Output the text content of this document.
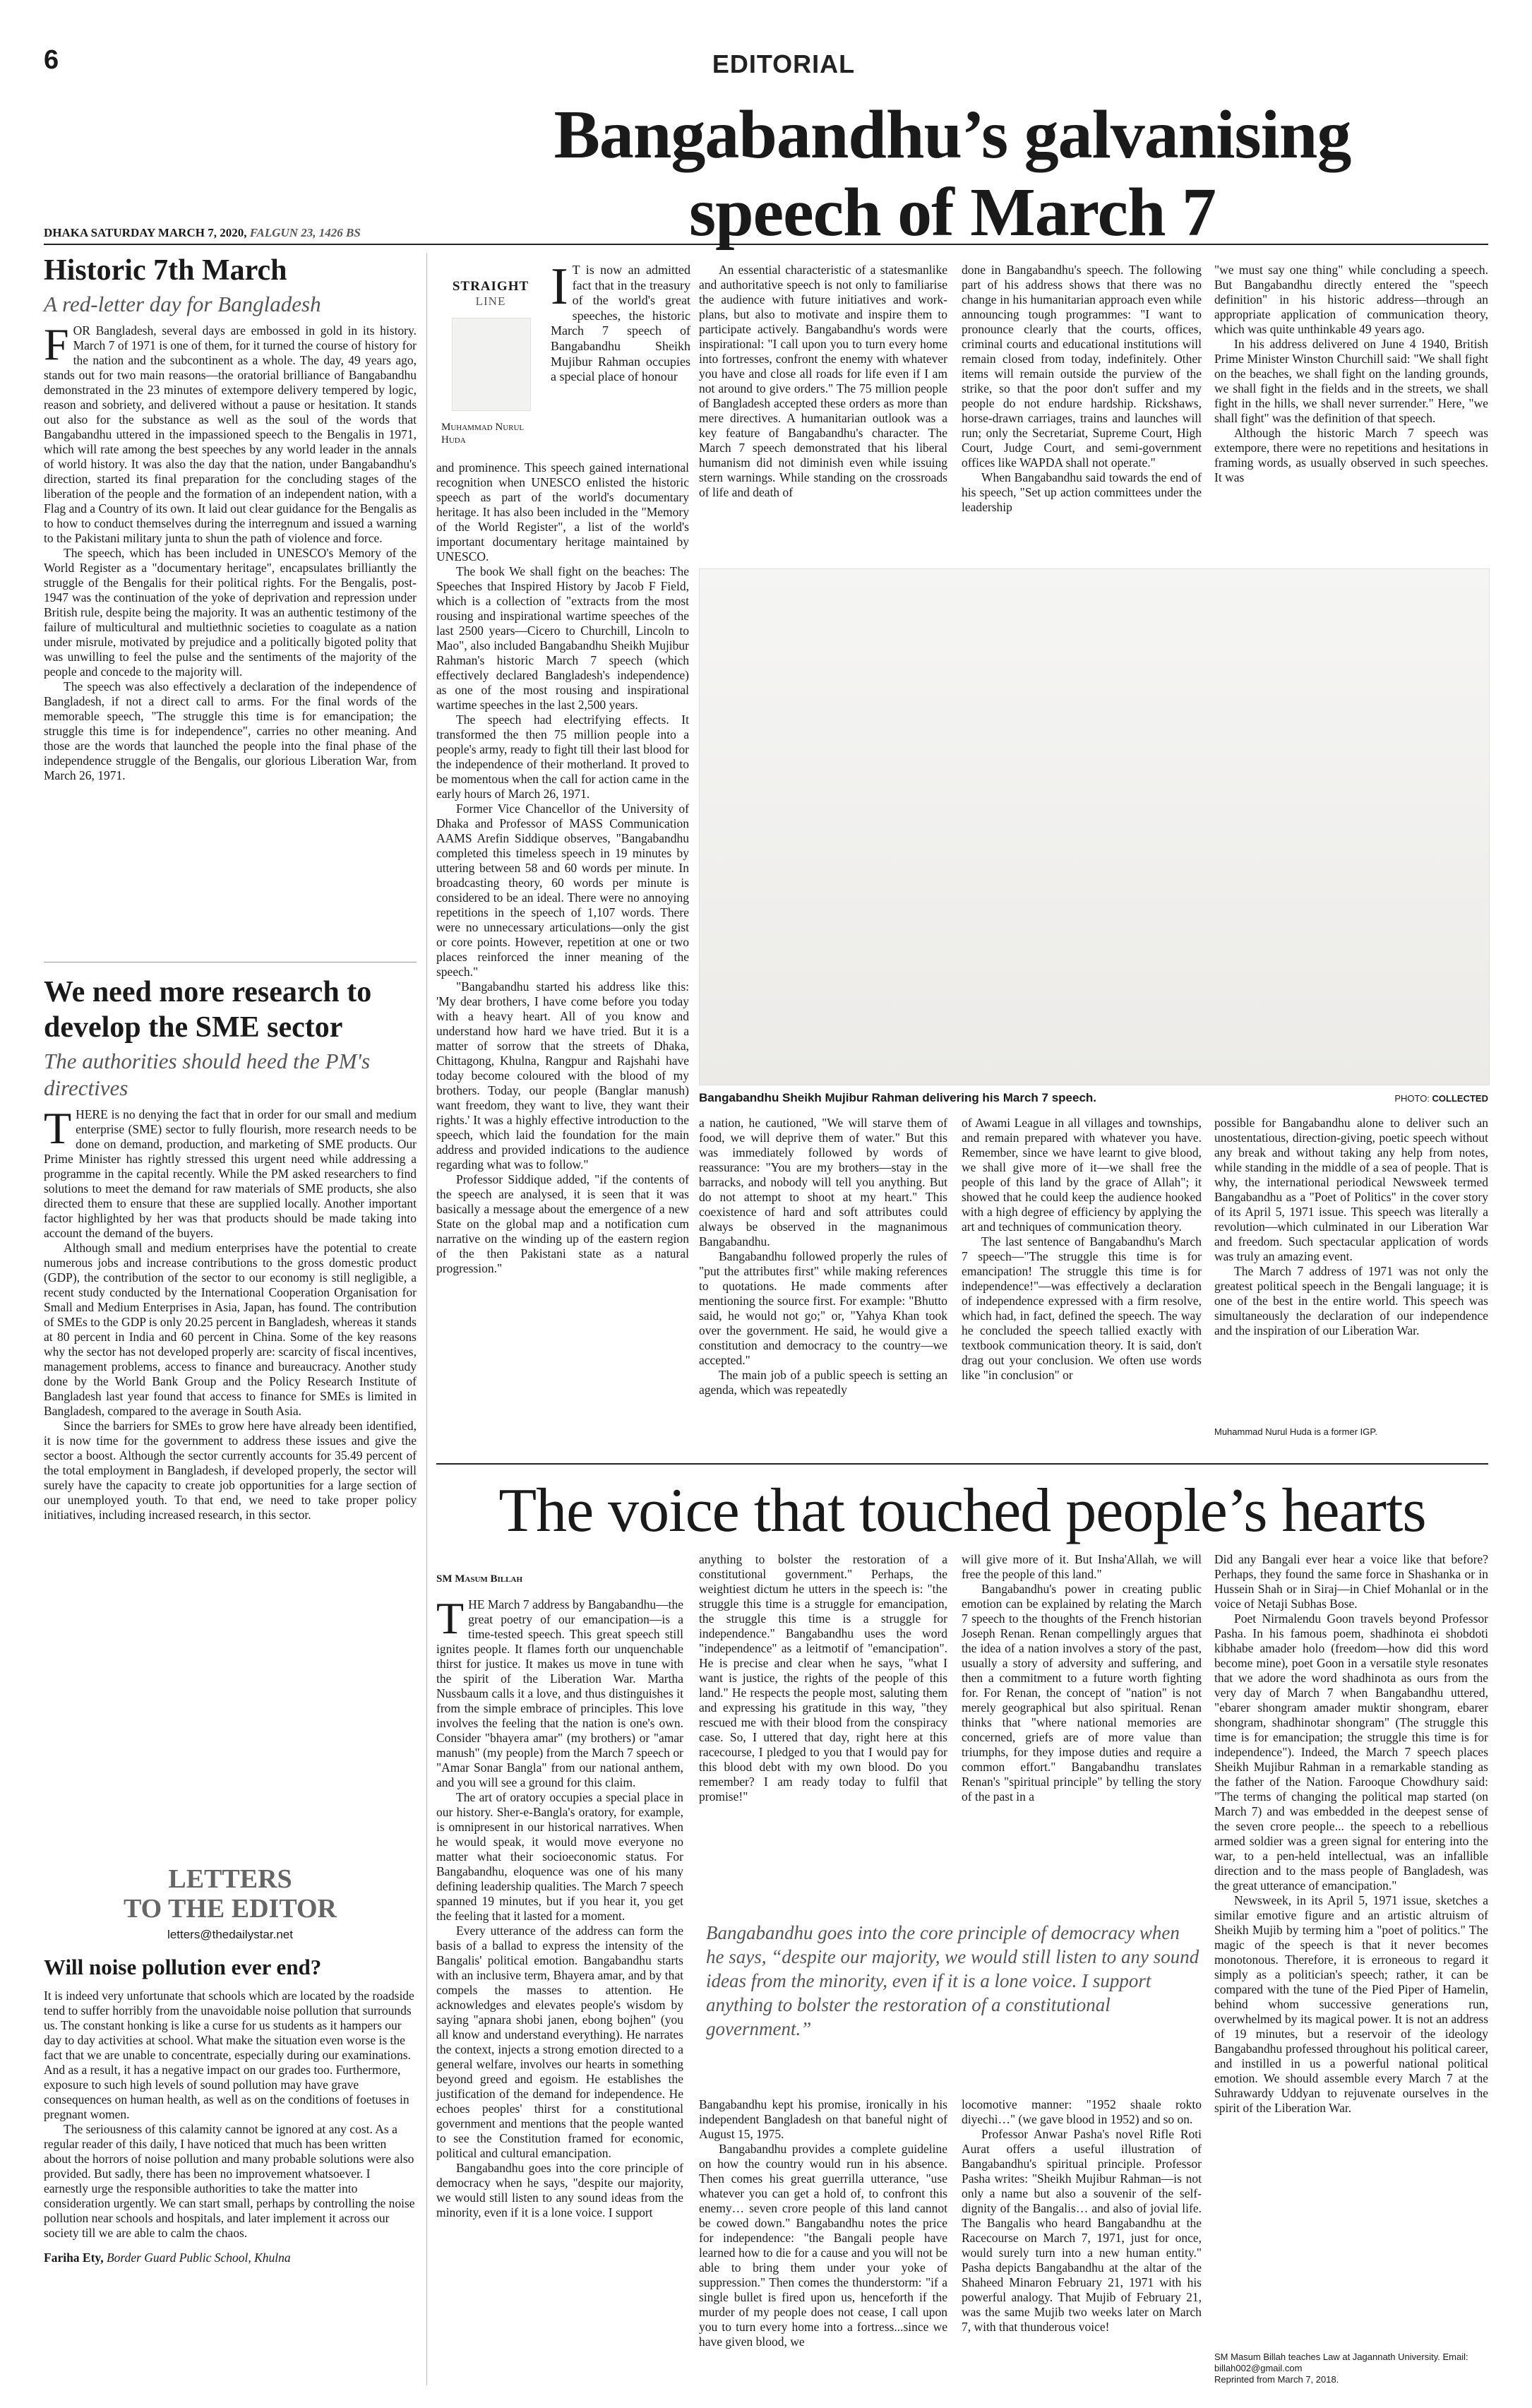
6	EDITORIAL
DHAKA SATURDAY MARCH 7, 2020, FALGUN 23, 1426 BS
Bangabandhu’s galvanising
speech of March 7
Historic 7th March
A red-letter day for Bangladesh

FOR Bangladesh, several days are embossed in gold in its history. March 7 of 1971 is one of them, for it turned the course of history for the nation and the subcontinent as a whole. The day, 49 years ago, stands out for two main reasons—the oratorial brilliance of Bangabandhu demonstrated in the 23 minutes of extempore delivery tempered by logic, reason and sobriety, and delivered without a pause or hesitation. It stands out also for the substance as well as the soul of the words that Bangabandhu uttered in the impassioned speech to the Bengalis in 1971, which will rate among the best speeches by any world leader in the annals of world history. It was also the day that the nation, under Bangabandhu's direction, started its final preparation for the concluding stages of the liberation of the people and the formation of an independent nation, with a Flag and a Country of its own. It laid out clear guidance for the Bengalis as to how to conduct themselves during the interregnum and issued a warning to the Pakistani military junta to shun the path of violence and force.

The speech, which has been included in UNESCO's Memory of the World Register as a "documentary heritage", encapsulates brilliantly the struggle of the Bengalis for their political rights. For the Bengalis, post-1947 was the continuation of the yoke of deprivation and repression under British rule, despite being the majority. It was an authentic testimony of the failure of multicultural and multiethnic societies to coagulate as a nation under misrule, motivated by prejudice and a politically bigoted polity that was unwilling to feel the pulse and the sentiments of the majority of the people and concede to the majority will.

The speech was also effectively a declaration of the independence of Bangladesh, if not a direct call to arms. For the final words of the memorable speech, "The struggle this time is for emancipation; the struggle this time is for independence", carries no other meaning. And those are the words that launched the people into the final phase of the independence struggle of the Bengalis, our glorious Liberation War, from March 26, 1971.

We need more research to develop the SME sector
The authorities should heed the PM's directives

THERE is no denying the fact that in order for our small and medium enterprise (SME) sector to fully flourish, more research needs to be done on demand, production, and marketing of SME products. Our Prime Minister has rightly stressed this urgent need while addressing a programme in the capital recently. While the PM asked researchers to find solutions to meet the demand for raw materials of SME products, she also directed them to ensure that these are supplied locally. Another important factor highlighted by her was that products should be made taking into account the demand of the buyers.

Although small and medium enterprises have the potential to create numerous jobs and increase contributions to the gross domestic product (GDP), the contribution of the sector to our economy is still negligible, a recent study conducted by the International Cooperation Organisation for Small and Medium Enterprises in Asia, Japan, has found. The contribution of SMEs to the GDP is only 20.25 percent in Bangladesh, whereas it stands at 80 percent in India and 60 percent in China. Some of the key reasons why the sector has not developed properly are: scarcity of fiscal incentives, management problems, access to finance and bureaucracy. Another study done by the World Bank Group and the Policy Research Institute of Bangladesh last year found that access to finance for SMEs is limited in Bangladesh, compared to the average in South Asia.

Since the barriers for SMEs to grow here have already been identified, it is now time for the government to address these issues and give the sector a boost. Although the sector currently accounts for 35.49 percent of the total employment in Bangladesh, if developed properly, the sector will surely have the capacity to create job opportunities for a large section of our unemployed youth. To that end, we need to take proper policy initiatives, including increased research, in this sector.

LETTERS
TO THE EDITOR
letters@thedailystar.net
Will noise pollution ever end?

It is indeed very unfortunate that schools which are located by the roadside tend to suffer horribly from the unavoidable noise pollution that surrounds us. The constant honking is like a curse for us students as it hampers our day to day activities at school. What make the situation even worse is the fact that we are unable to concentrate, especially during our examinations. And as a result, it has a negative impact on our grades too. Furthermore, exposure to such high levels of sound pollution may have grave consequences on human health, as well as on the conditions of foetuses in pregnant women.

The seriousness of this calamity cannot be ignored at any cost. As a regular reader of this daily, I have noticed that much has been written about the horrors of noise pollution and many probable solutions were also provided. But sadly, there has been no improvement whatsoever. I earnestly urge the responsible authorities to take the matter into consideration urgently. We can start small, perhaps by controlling the noise pollution near schools and hospitals, and later implement it across our society till we are able to calm the chaos.

Fariha Ety, Border Guard Public School, Khulna
STRAIGHT
LINE
Muhammad Nurul Huda

I T is now an admitted fact that in the treasury of the world's great speeches, the historic March 7 speech of Bangabandhu Sheikh Mujibur Rahman occupies a special place of honour

and prominence. This speech gained international recognition when UNESCO enlisted the historic speech as part of the world's documentary heritage. It has also been included in the "Memory of the World Register", a list of the world's important documentary heritage maintained by UNESCO.

The book We shall fight on the beaches: The Speeches that Inspired History by Jacob F Field, which is a collection of "extracts from the most rousing and inspirational wartime speeches of the last 2500 years—Cicero to Churchill, Lincoln to Mao", also included Bangabandhu Sheikh Mujibur Rahman's historic March 7 speech (which effectively declared Bangladesh's independence) as one of the most rousing and inspirational wartime speeches in the last 2,500 years.

The speech had electrifying effects. It transformed the then 75 million people into a people's army, ready to fight till their last blood for the independence of their motherland. It proved to be momentous when the call for action came in the early hours of March 26, 1971.

Former Vice Chancellor of the University of Dhaka and Professor of MASS Communication AAMS Arefin Siddique observes, "Bangabandhu completed this timeless speech in 19 minutes by uttering between 58 and 60 words per minute. In broadcasting theory, 60 words per minute is considered to be an ideal. There were no annoying repetitions in the speech of 1,107 words. There were no unnecessary articulations—only the gist or core points. However, repetition at one or two places reinforced the inner meaning of the speech."

"Bangabandhu started his address like this: 'My dear brothers, I have come before you today with a heavy heart. All of you know and understand how hard we have tried. But it is a matter of sorrow that the streets of Dhaka, Chittagong, Khulna, Rangpur and Rajshahi have today become coloured with the blood of my brothers. Today, our people (Banglar manush) want freedom, they want to live, they want their rights.' It was a highly effective introduction to the speech, which laid the foundation for the main address and provided indications to the audience regarding what was to follow."

Professor Siddique added, "if the contents of the speech are analysed, it is seen that it was basically a message about the emergence of a new State on the global map and a notification cum narrative on the winding up of the eastern region of the then Pakistani state as a natural progression."

An essential characteristic of a statesmanlike and authoritative speech is not only to familiarise the audience with future initiatives and work-plans, but also to motivate and inspire them to participate actively. Bangabandhu's words were inspirational: "I call upon you to turn every home into fortresses, confront the enemy with whatever you have and close all roads for life even if I am not around to give orders." The 75 million people of Bangladesh accepted these orders as more than mere directives. A humanitarian outlook was a key feature of Bangabandhu's character. The March 7 speech demonstrated that his liberal humanism did not diminish even while issuing stern warnings. While standing on the crossroads of life and death of

done in Bangabandhu's speech. The following part of his address shows that there was no change in his humanitarian approach even while announcing tough programmes: "I want to pronounce clearly that the courts, offices, criminal courts and educational institutions will remain closed from today, indefinitely. Other items will remain outside the purview of the strike, so that the poor don't suffer and my people do not endure hardship. Rickshaws, horse-drawn carriages, trains and launches will run; only the Secretariat, Supreme Court, High Court, Judge Court, and semi-government offices like WAPDA shall not operate."

When Bangabandhu said towards the end of his speech, "Set up action committees under the leadership

"we must say one thing" while concluding a speech. But Bangabandhu directly entered the "speech definition" in his historic address—through an appropriate application of communication theory, which was quite unthinkable 49 years ago.

In his address delivered on June 4 1940, British Prime Minister Winston Churchill said: "We shall fight on the beaches, we shall fight on the landing grounds, we shall fight in the fields and in the streets, we shall fight in the hills, we shall never surrender." Here, "we shall fight" was the definition of that speech.

Although the historic March 7 speech was extempore, there were no repetitions and hesitations in framing words, as usually observed in such speeches. It was

Bangabandhu Sheikh Mujibur Rahman delivering his March 7 speech.	PHOTO: COLLECTED

a nation, he cautioned, "We will starve them of food, we will deprive them of water." But this was immediately followed by words of reassurance: "You are my brothers—stay in the barracks, and nobody will tell you anything. But do not attempt to shoot at my heart." This coexistence of hard and soft attributes could always be observed in the magnanimous Bangabandhu.

Bangabandhu followed properly the rules of "put the attributes first" while making references to quotations. He made comments after mentioning the source first. For example: "Bhutto said, he would not go;" or, "Yahya Khan took over the government. He said, he would give a constitution and democracy to the country—we accepted."

The main job of a public speech is setting an agenda, which was repeatedly

of Awami League in all villages and townships, and remain prepared with whatever you have. Remember, since we have learnt to give blood, we shall give more of it—we shall free the people of this land by the grace of Allah"; it showed that he could keep the audience hooked with a high degree of efficiency by applying the art and techniques of communication theory.

The last sentence of Bangabandhu's March 7 speech—"The struggle this time is for emancipation! The struggle this time is for independence!"—was effectively a declaration of independence expressed with a firm resolve, which had, in fact, defined the speech. The way he concluded the speech tallied exactly with textbook communication theory. It is said, don't drag out your conclusion. We often use words like "in conclusion" or

possible for Bangabandhu alone to deliver such an unostentatious, direction-giving, poetic speech without any break and without taking any help from notes, while standing in the middle of a sea of people. That is why, the international periodical Newsweek termed Bangabandhu as a "Poet of Politics" in the cover story of its April 5, 1971 issue. This speech was literally a revolution—which culminated in our Liberation War and freedom. Such spectacular application of words was truly an amazing event.

The March 7 address of 1971 was not only the greatest political speech in the Bengali language; it is one of the best in the entire world. This speech was simultaneously the declaration of our independence and the inspiration of our Liberation War.

Muhammad Nurul Huda is a former IGP.
The voice that touched people’s hearts
SM Masum Billah

THE March 7 address by Bangabandhu—the great poetry of our emancipation—is a time-tested speech. This great speech still ignites people. It flames forth our unquenchable thirst for justice. It makes us move in tune with the spirit of the Liberation War. Martha Nussbaum calls it a love, and thus distinguishes it from the simple embrace of principles. This love involves the feeling that the nation is one's own. Consider "bhayera amar" (my brothers) or "amar manush" (my people) from the March 7 speech or "Amar Sonar Bangla" from our national anthem, and you will see a ground for this claim.

The art of oratory occupies a special place in our history. Sher-e-Bangla's oratory, for example, is omnipresent in our historical narratives. When he would speak, it would move everyone no matter what their socioeconomic status. For Bangabandhu, eloquence was one of his many defining leadership qualities. The March 7 speech spanned 19 minutes, but if you hear it, you get the feeling that it lasted for a moment.

Every utterance of the address can form the basis of a ballad to express the intensity of the Bangalis' political emotion. Bangabandhu starts with an inclusive term, Bhayera amar, and by that compels the masses to attention. He acknowledges and elevates people's wisdom by saying "apnara shobi janen, ebong bojhen" (you all know and understand everything). He narrates the context, injects a strong emotion directed to a general welfare, involves our hearts in something beyond greed and egoism. He establishes the justification of the demand for independence. He echoes peoples' thirst for a constitutional government and mentions that the people wanted to see the Constitution framed for economic, political and cultural emancipation.

Bangabandhu goes into the core principle of democracy when he says, "despite our majority, we would still listen to any sound ideas from the minority, even if it is a lone voice. I support

anything to bolster the restoration of a constitutional government." Perhaps, the weightiest dictum he utters in the speech is: "the struggle this time is a struggle for emancipation, the struggle this time is a struggle for independence." Bangabandhu uses the word "independence" as a leitmotif of "emancipation". He is precise and clear when he says, "what I want is justice, the rights of the people of this land." He respects the people most, saluting them and expressing his gratitude in this way, "they rescued me with their blood from the conspiracy case. So, I uttered that day, right here at this racecourse, I pledged to you that I would pay for this blood debt with my own blood. Do you remember? I am ready today to fulfil that promise!"

will give more of it. But Insha'Allah, we will free the people of this land."

Bangabandhu's power in creating public emotion can be explained by relating the March 7 speech to the thoughts of the French historian Joseph Renan. Renan compellingly argues that the idea of a nation involves a story of the past, usually a story of adversity and suffering, and then a commitment to a future worth fighting for. For Renan, the concept of "nation" is not merely geographical but also spiritual. Renan thinks that "where national memories are concerned, griefs are of more value than triumphs, for they impose duties and require a common effort." Bangabandhu translates Renan's "spiritual principle" by telling the story of the past in a

Bangabandhu goes into the core principle of democracy when he says, “despite our majority, we would still listen to any sound ideas from the minority, even if it is a lone voice. I support anything to bolster the restoration of a constitutional government.”

Bangabandhu kept his promise, ironically in his independent Bangladesh on that baneful night of August 15, 1975.

Bangabandhu provides a complete guideline on how the country would run in his absence. Then comes his great guerrilla utterance, "use whatever you can get a hold of, to confront this enemy… seven crore people of this land cannot be cowed down." Bangabandhu notes the price for independence: "the Bangali people have learned how to die for a cause and you will not be able to bring them under your yoke of suppression." Then comes the thunderstorm: "if a single bullet is fired upon us, henceforth if the murder of my people does not cease, I call upon you to turn every home into a fortress...since we have given blood, we

locomotive manner: "1952 shaale rokto diyechi…" (we gave blood in 1952) and so on.

Professor Anwar Pasha's novel Rifle Roti Aurat offers a useful illustration of Bangabandhu's spiritual principle. Professor Pasha writes: "Sheikh Mujibur Rahman—is not only a name but also a souvenir of the self-dignity of the Bangalis… and also of jovial life. The Bangalis who heard Bangabandhu at the Racecourse on March 7, 1971, just for once, would surely turn into a new human entity." Pasha depicts Bangabandhu at the altar of the Shaheed Minaron February 21, 1971 with his powerful analogy. That Mujib of February 21, was the same Mujib two weeks later on March 7, with that thunderous voice!

Did any Bangali ever hear a voice like that before? Perhaps, they found the same force in Shashanka or in Hussein Shah or in Siraj—in Chief Mohanlal or in the voice of Netaji Subhas Bose.

Poet Nirmalendu Goon travels beyond Professor Pasha. In his famous poem, shadhinota ei shobdoti kibhabe amader holo (freedom—how did this word become mine), poet Goon in a versatile style resonates that we adore the word shadhinota as ours from the very day of March 7 when Bangabandhu uttered, "ebarer shongram amader muktir shongram, ebarer shongram, shadhinotar shongram" (The struggle this time is for emancipation; the struggle this time is for independence"). Indeed, the March 7 speech places Sheikh Mujibur Rahman in a remarkable standing as the father of the Nation. Farooque Chowdhury said: "The terms of changing the political map started (on March 7) and was embedded in the deepest sense of the seven crore people... the speech to a rebellious armed soldier was a green signal for entering into the war, to a pen-held intellectual, was an infallible direction and to the mass people of Bangladesh, was the great utterance of emancipation."

Newsweek, in its April 5, 1971 issue, sketches a similar emotive figure and an artistic altruism of Sheikh Mujib by terming him a "poet of politics." The magic of the speech is that it never becomes monotonous. Therefore, it is erroneous to regard it simply as a politician's speech; rather, it can be compared with the tune of the Pied Piper of Hamelin, behind whom successive generations run, overwhelmed by its magical power. It is not an address of 19 minutes, but a reservoir of the ideology Bangabandhu professed throughout his political career, and instilled in us a powerful national political emotion. We should assemble every March 7 at the Suhrawardy Uddyan to rejuvenate ourselves in the spirit of the Liberation War.

SM Masum Billah teaches Law at Jagannath University. Email: billah002@gmail.com
Reprinted from March 7, 2018.
